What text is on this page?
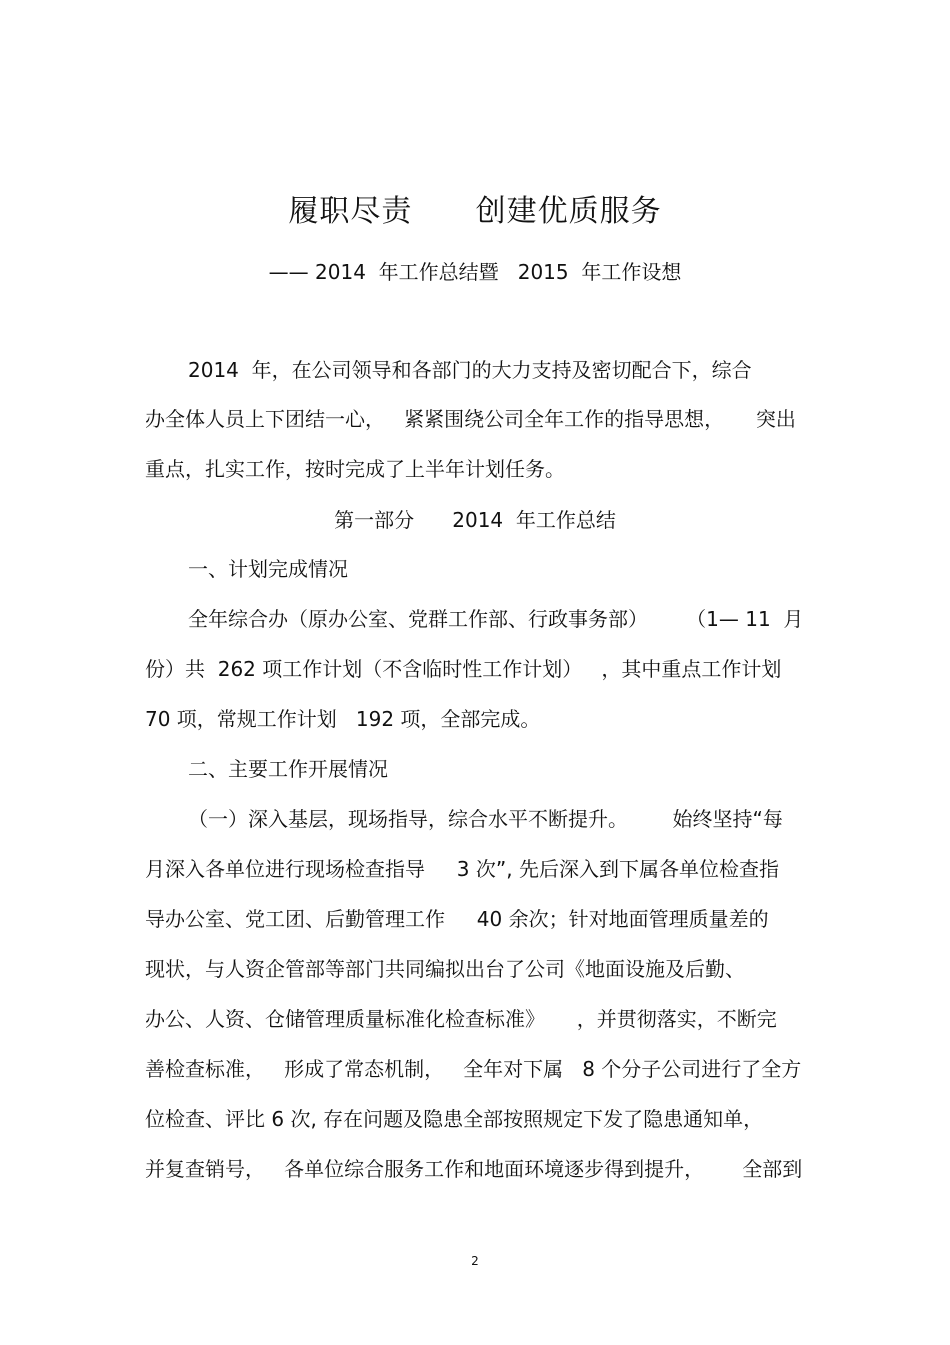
履职尽责      创建优质服务
—— 2014  年工作总结暨   2015  年工作设想
2014  年，在公司领导和各部门的大力支持及密切配合下，综合
办全体人员上下团结一心，   紧紧围绕公司全年工作的指导思想，     突出
重点，扎实工作，按时完成了上半年计划任务。
第一部分      2014  年工作总结
一、计划完成情况
全年综合办（原办公室、党群工作部、行政事务部）      （1— 11  月
份）共  262 项工作计划（不含临时性工作计划）   ，其中重点工作计划
70 项，常规工作计划   192 项，全部完成。
二、主要工作开展情况
（一）深入基层，现场指导，综合水平不断提升。       始终坚持“每
月深入各单位进行现场检查指导     3 次”, 先后深入到下属各单位检查指
导办公室、党工团、后勤管理工作     40 余次；针对地面管理质量差的
现状，与人资企管部等部门共同编拟出台了公司《地面设施及后勤、
办公、人资、仓储管理质量标准化检查标准》     ，并贯彻落实，不断完
善检查标准，   形成了常态机制，   全年对下属   8 个分子公司进行了全方
位检查、评比 6 次, 存在问题及隐患全部按照规定下发了隐患通知单，
并复查销号，   各单位综合服务工作和地面环境逐步得到提升，      全部到
2
